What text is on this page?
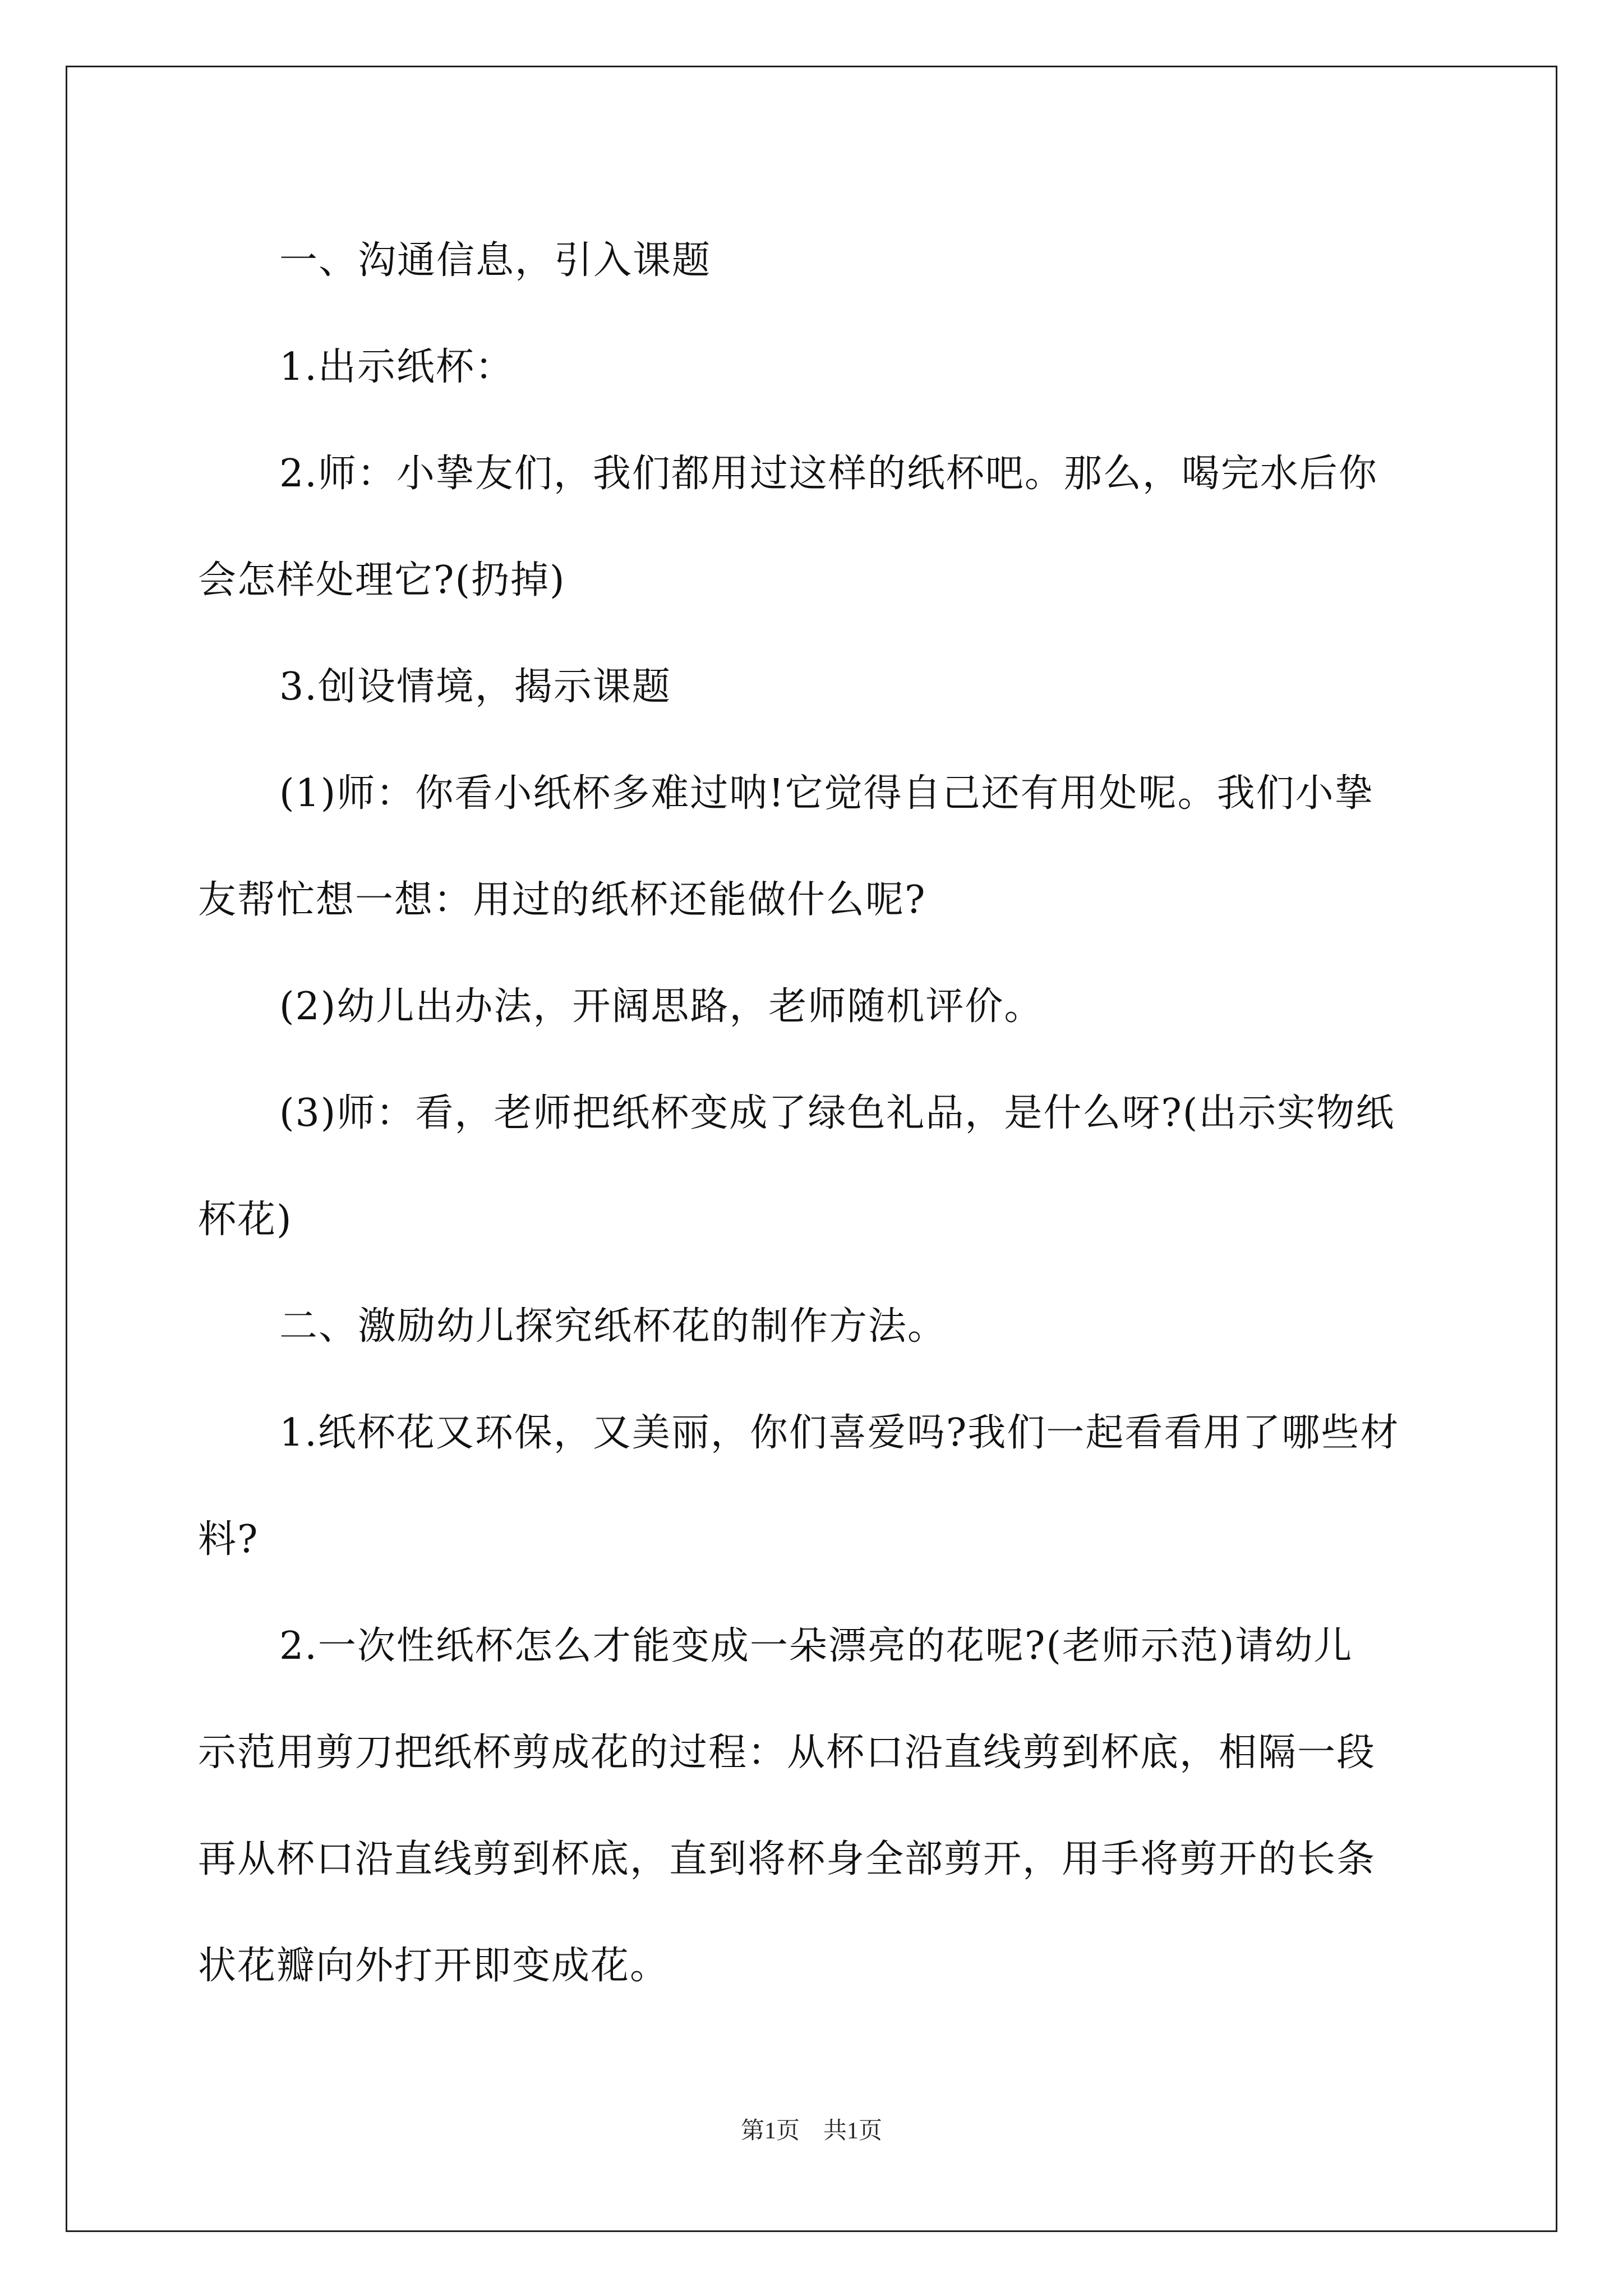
一、沟通信息，引入课题

1.出示纸杯：

2.师：小挚友们，我们都用过这样的纸杯吧。那么，喝完水后你
会怎样处理它?(扔掉)

3.创设情境，揭示课题

(1)师：你看小纸杯多难过呐!它觉得自己还有用处呢。我们小挚
友帮忙想一想：用过的纸杯还能做什么呢?

(2)幼儿出办法，开阔思路，老师随机评价。

(3)师：看，老师把纸杯变成了绿色礼品，是什么呀?(出示实物纸
杯花)

二、激励幼儿探究纸杯花的制作方法。

1.纸杯花又环保，又美丽，你们喜爱吗?我们一起看看用了哪些材
料?

2.一次性纸杯怎么才能变成一朵漂亮的花呢?(老师示范)请幼儿
示范用剪刀把纸杯剪成花的过程：从杯口沿直线剪到杯底，相隔一段
再从杯口沿直线剪到杯底，直到将杯身全部剪开，用手将剪开的长条
状花瓣向外打开即变成花。

第1页　共1页
